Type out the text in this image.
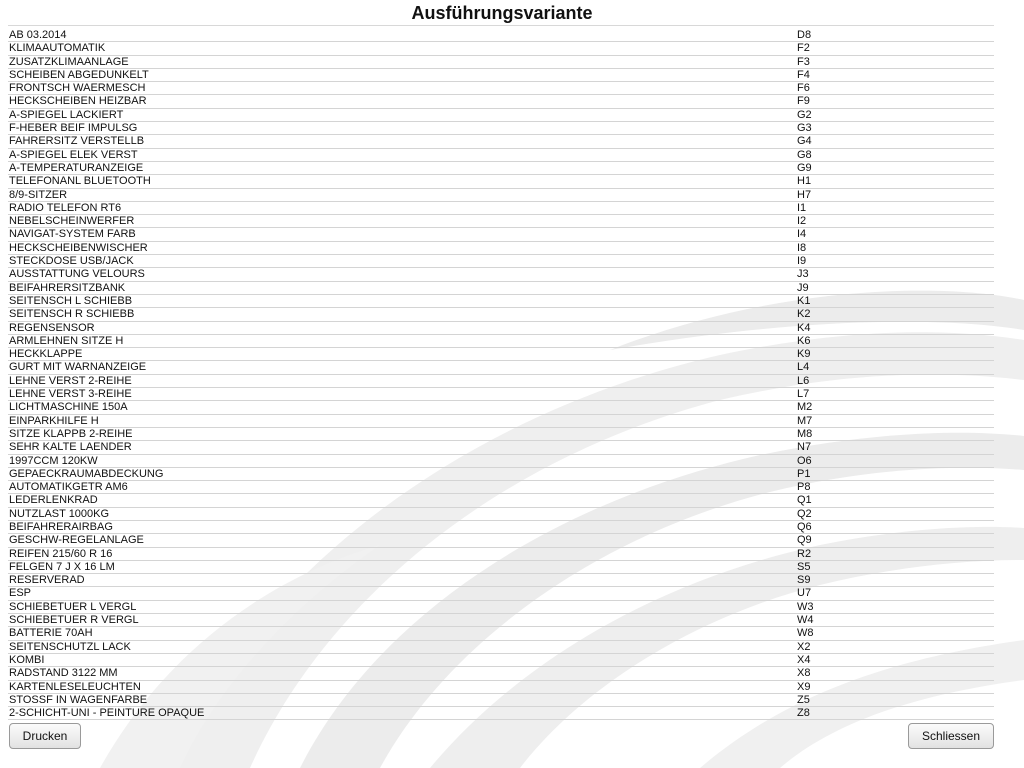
Ausführungsvariante
AB 03.2014	D8
KLIMAAUTOMATIK	F2
ZUSATZKLIMAANLAGE	F3
SCHEIBEN ABGEDUNKELT	F4
FRONTSCH WAERMESCH	F6
HECKSCHEIBEN HEIZBAR	F9
A-SPIEGEL LACKIERT	G2
F-HEBER BEIF IMPULSG	G3
FAHRERSITZ VERSTELLB	G4
A-SPIEGEL ELEK VERST	G8
A-TEMPERATURANZEIGE	G9
TELEFONANL BLUETOOTH	H1
8/9-SITZER	H7
RADIO TELEFON RT6	I1
NEBELSCHEINWERFER	I2
NAVIGAT-SYSTEM FARB	I4
HECKSCHEIBENWISCHER	I8
STECKDOSE USB/JACK	I9
AUSSTATTUNG VELOURS	J3
BEIFAHRERSITZBANK	J9
SEITENSCH L SCHIEBB	K1
SEITENSCH R SCHIEBB	K2
REGENSENSOR	K4
ARMLEHNEN SITZE H	K6
HECKKLAPPE	K9
GURT MIT WARNANZEIGE	L4
LEHNE VERST 2-REIHE	L6
LEHNE VERST 3-REIHE	L7
LICHTMASCHINE 150A	M2
EINPARKHILFE H	M7
SITZE KLAPPB 2-REIHE	M8
SEHR KALTE LAENDER	N7
1997CCM 120KW	O6
GEPAECKRAUMABDECKUNG	P1
AUTOMATIKGETR AM6	P8
LEDERLENKRAD	Q1
NUTZLAST 1000KG	Q2
BEIFAHRERAIRBAG	Q6
GESCHW-REGELANLAGE	Q9
REIFEN 215/60 R 16	R2
FELGEN 7 J X 16 LM	S5
RESERVERAD	S9
ESP	U7
SCHIEBETUER L VERGL	W3
SCHIEBETUER R VERGL	W4
BATTERIE 70AH	W8
SEITENSCHUTZL LACK	X2
KOMBI	X4
RADSTAND 3122 MM	X8
KARTENLESELEUCHTEN	X9
STOSSF IN WAGENFARBE	Z5
2-SCHICHT-UNI - PEINTURE OPAQUE	Z8
Drucken	Schliessen
